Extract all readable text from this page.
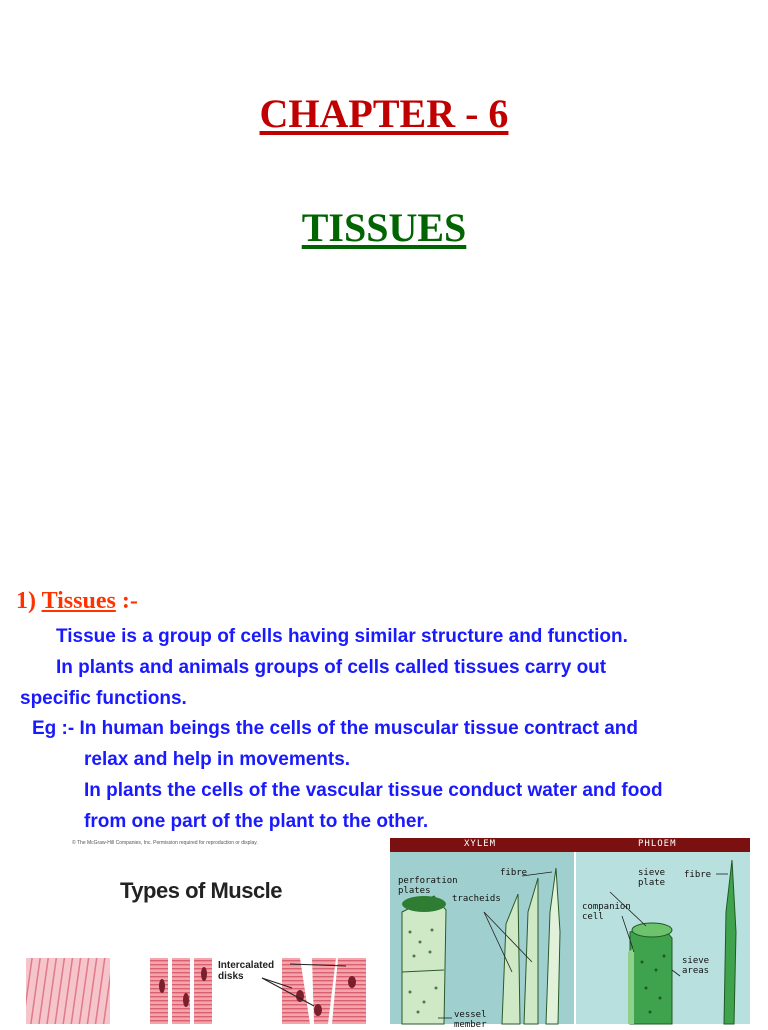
CHAPTER - 6
TISSUES
1) Tissues :-
Tissue is a group of cells having similar structure and function.
In plants and animals groups of cells called tissues carry out
specific functions.
Eg :- In human beings the cells of the muscular tissue contract and
relax and help in movements.
In plants the cells of the vascular tissue conduct water and food
from one part of the plant to the other.
© The McGraw-Hill Companies, Inc. Permission required for reproduction or display.
Types of Muscle
Intercalated disks
XYLEM	PHLOEM
perforation plates
fibre
tracheids
vessel member
sieve plate
fibre
companion cell
sieve areas
